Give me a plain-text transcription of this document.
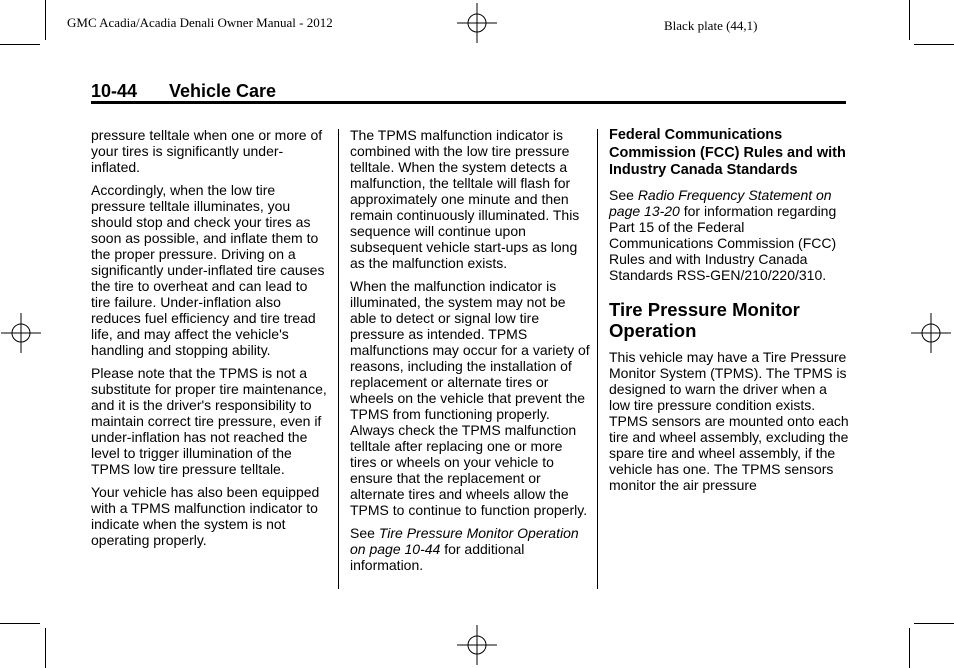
GMC Acadia/Acadia Denali Owner Manual - 2012	Black plate (44,1)
10-44 Vehicle Care

pressure telltale when one or more of your tires is significantly under-inflated.

Accordingly, when the low tire pressure telltale illuminates, you should stop and check your tires as soon as possible, and inflate them to the proper pressure. Driving on a significantly under-inflated tire causes the tire to overheat and can lead to tire failure. Under-inflation also reduces fuel efficiency and tire tread life, and may affect the vehicle's handling and stopping ability.

Please note that the TPMS is not a substitute for proper tire maintenance, and it is the driver's responsibility to maintain correct tire pressure, even if under-inflation has not reached the level to trigger illumination of the TPMS low tire pressure telltale.

Your vehicle has also been equipped with a TPMS malfunction indicator to indicate when the system is not operating properly.

The TPMS malfunction indicator is combined with the low tire pressure telltale. When the system detects a malfunction, the telltale will flash for approximately one minute and then remain continuously illuminated. This sequence will continue upon subsequent vehicle start-ups as long as the malfunction exists.

When the malfunction indicator is illuminated, the system may not be able to detect or signal low tire pressure as intended. TPMS malfunctions may occur for a variety of reasons, including the installation of replacement or alternate tires or wheels on the vehicle that prevent the TPMS from functioning properly. Always check the TPMS malfunction telltale after replacing one or more tires or wheels on your vehicle to ensure that the replacement or alternate tires and wheels allow the TPMS to continue to function properly.

See Tire Pressure Monitor Operation on page 10-44 for additional information.

Federal Communications Commission (FCC) Rules and with Industry Canada Standards

See Radio Frequency Statement on page 13-20 for information regarding Part 15 of the Federal Communications Commission (FCC) Rules and with Industry Canada Standards RSS-GEN/210/220/310.

Tire Pressure Monitor Operation

This vehicle may have a Tire Pressure Monitor System (TPMS). The TPMS is designed to warn the driver when a low tire pressure condition exists. TPMS sensors are mounted onto each tire and wheel assembly, excluding the spare tire and wheel assembly, if the vehicle has one. The TPMS sensors monitor the air pressure
